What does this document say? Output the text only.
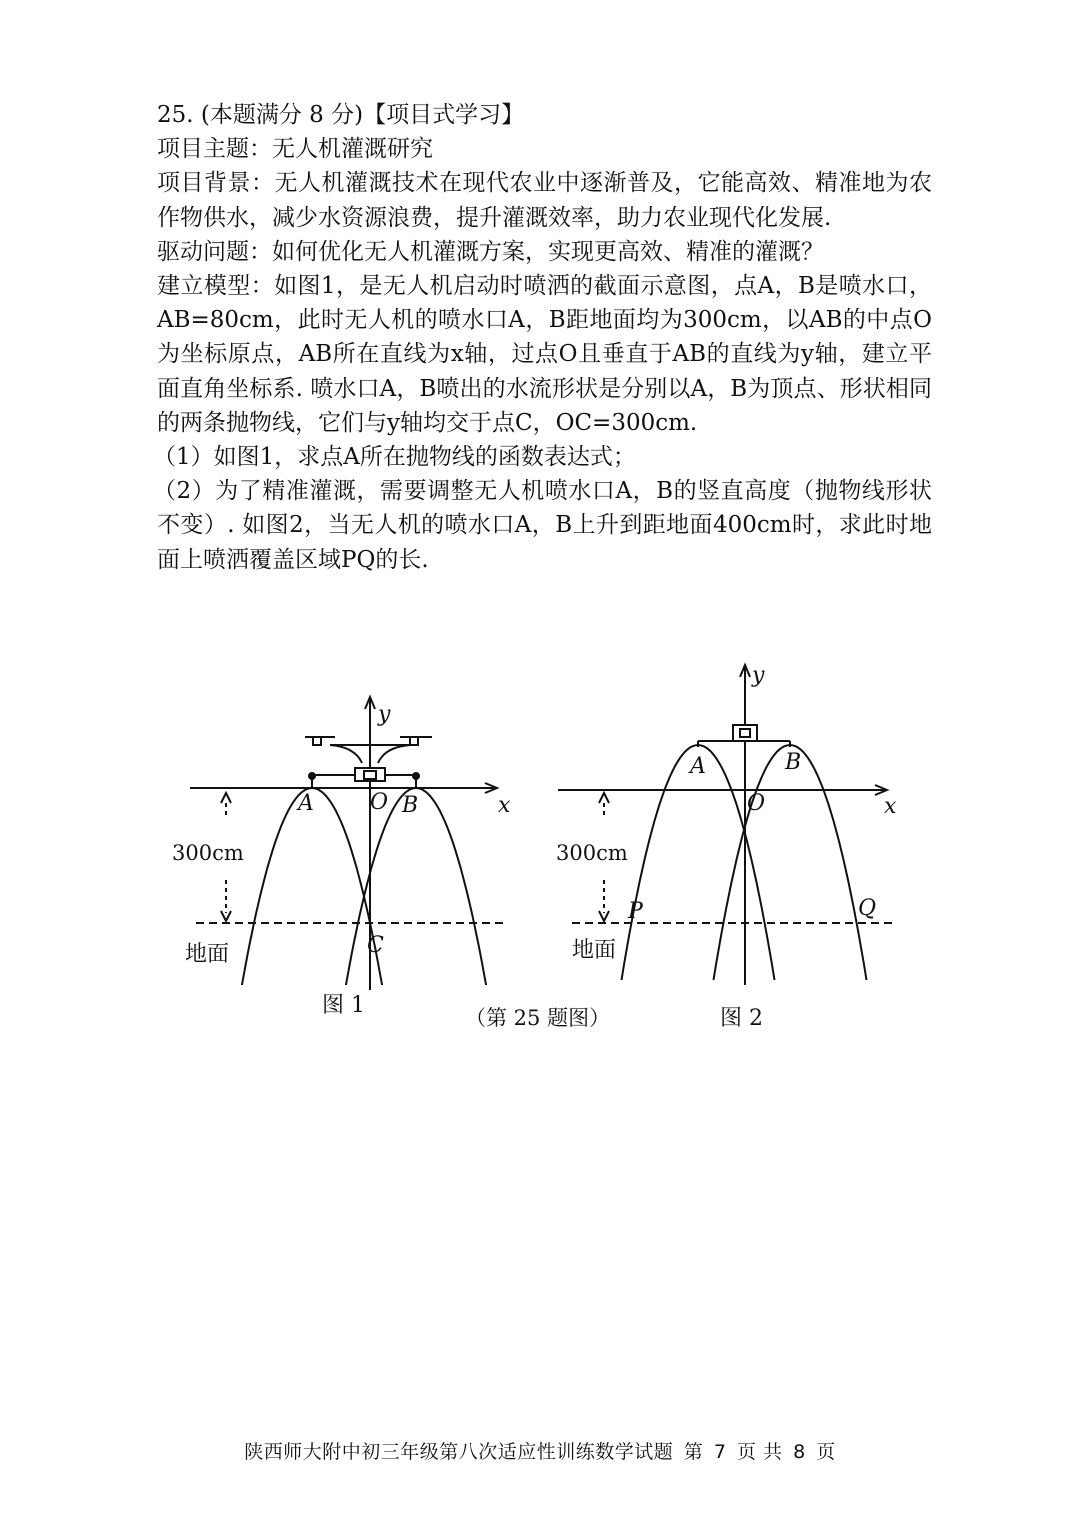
25. (本题满分 8 分)【项目式学习】

项目主题：无人机灌溉研究

项目背景：无人机灌溉技术在现代农业中逐渐普及，它能高效、精准地为农作物供水，减少水资源浪费，提升灌溉效率，助力农业现代化发展.

驱动问题：如何优化无人机灌溉方案，实现更高效、精准的灌溉？

建立模型：如图1，是无人机启动时喷洒的截面示意图，点A，B是喷水口，AB=80cm，此时无人机的喷水口A，B距地面均为300cm，以AB的中点O为坐标原点，AB所在直线为x轴，过点O且垂直于AB的直线为y轴，建立平面直角坐标系. 喷水口A，B喷出的水流形状是分别以A，B为顶点、形状相同的两条抛物线，它们与y轴均交于点C，OC=300cm.

（1）如图1，求点A所在抛物线的函数表达式；

（2）为了精准灌溉，需要调整无人机喷水口A，B的竖直高度（抛物线形状不变）. 如图2，当无人机的喷水口A，B上升到距地面400cm时，求此时地面上喷洒覆盖区域PQ的长.

y
x
A	O B
C
300cm
地面
图 1
y
x
A
O
B
P	Q
300cm
地面
图 2
（第 25 题图）
陕西师大附中初三年级第八次适应性训练数学试题 第 7 页 共 8 页
